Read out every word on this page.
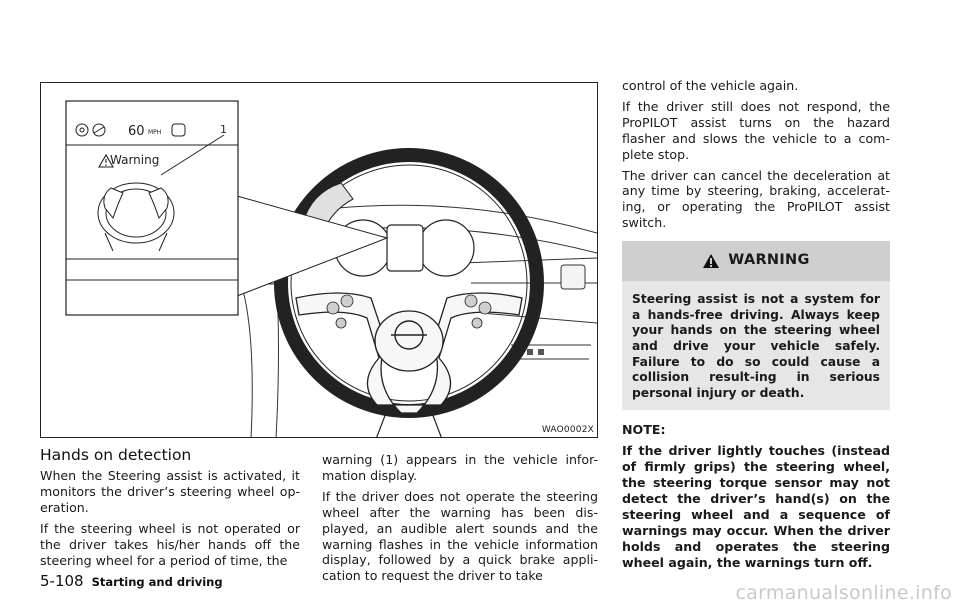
60 MPH
Warning
1
WAO0002X
Hands on detection

When the Steering assist is activated, it monitors the driver’s steering wheel op-eration.

If the steering wheel is not operated or the driver takes his/her hands off the steering wheel for a period of time, the

warning (1) appears in the vehicle infor-mation display.

If the driver does not operate the steering wheel after the warning has been dis-played, an audible alert sounds and the warning flashes in the vehicle information display, followed by a quick brake appli-cation to request the driver to take

control of the vehicle again.

If the driver still does not respond, the ProPILOT assist turns on the hazard flasher and slows the vehicle to a com-plete stop.

The driver can cancel the deceleration at any time by steering, braking, accelerat-ing, or operating the ProPILOT assist switch.

WARNING
Steering assist is not a system for a hands-free driving. Always keep your hands on the steering wheel and drive your vehicle safely. Failure to do so could cause a collision result-ing in serious personal injury or death.

NOTE:

If the driver lightly touches (instead of firmly grips) the steering wheel, the steering torque sensor may not detect the driver’s hand(s) on the steering wheel and a sequence of warnings may occur. When the driver holds and operates the steering wheel again, the warnings turn off.

5-108 Starting and driving	carmanualsonline.info
